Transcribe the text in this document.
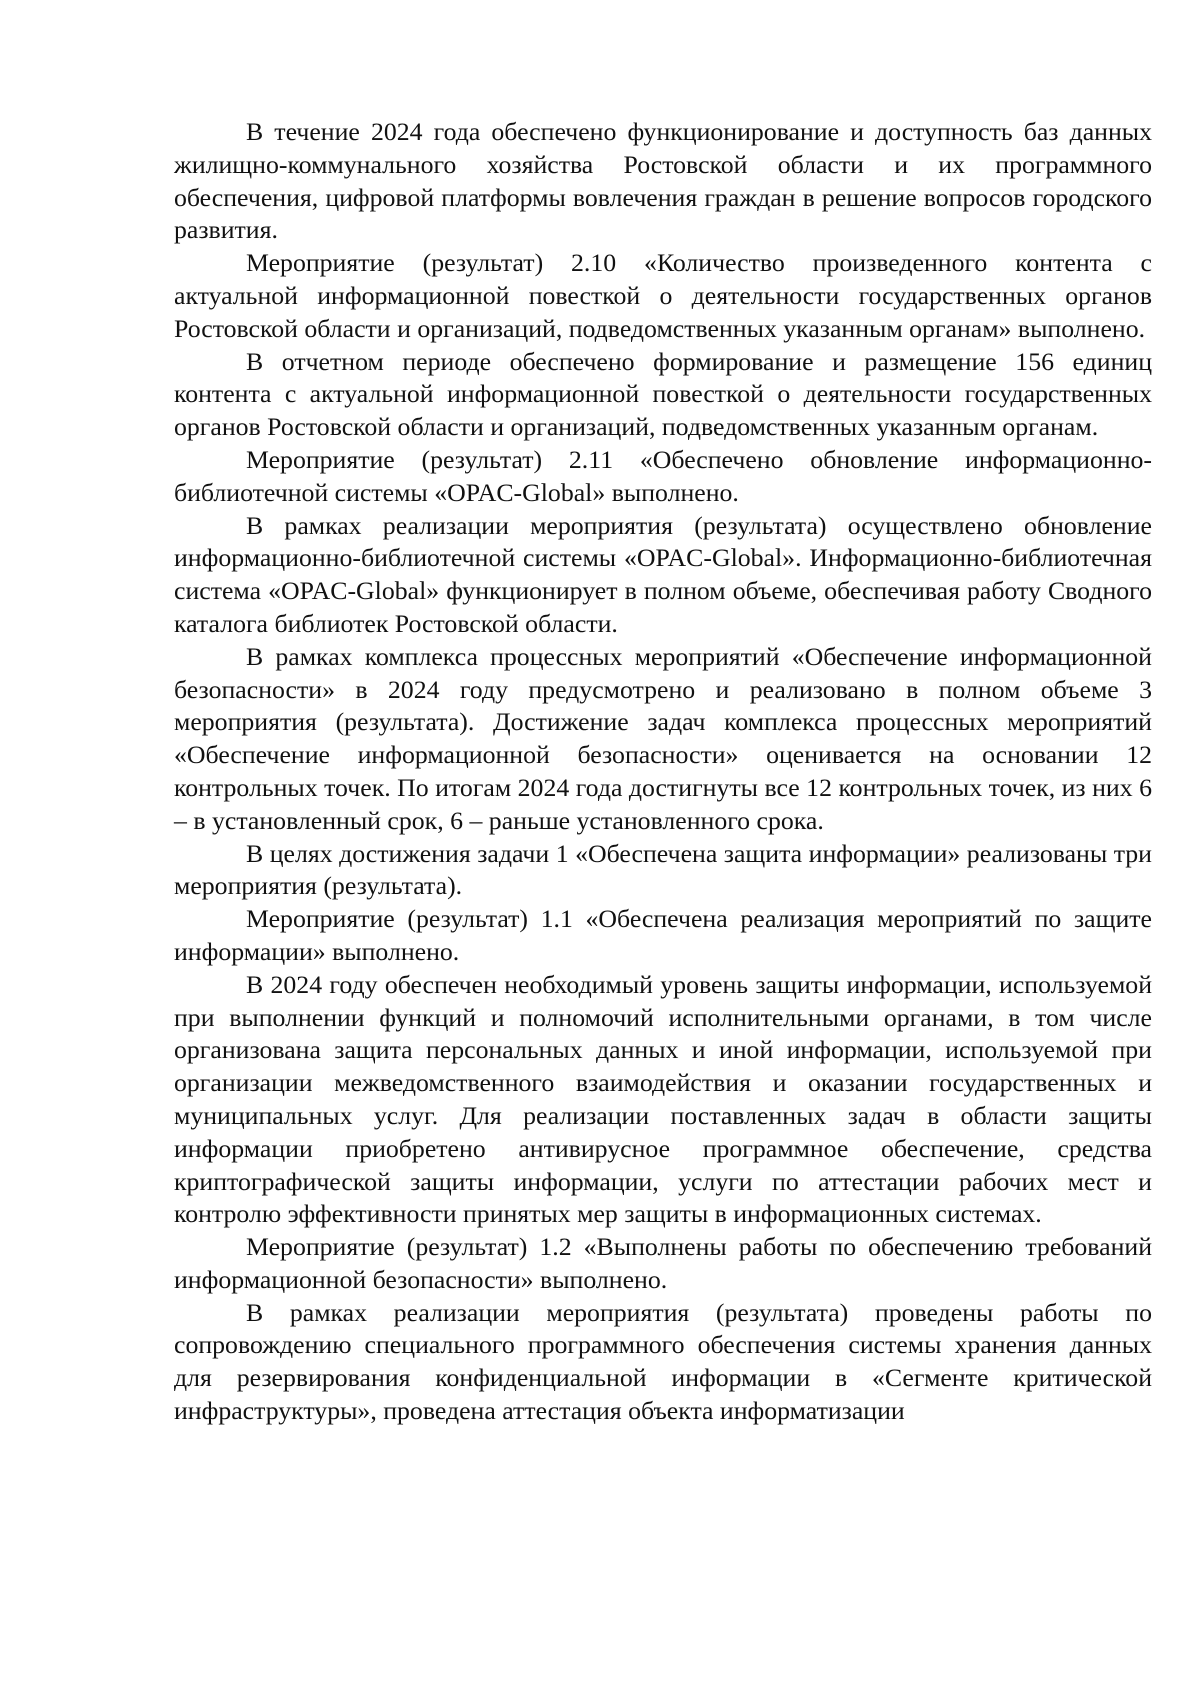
В течение 2024 года обеспечено функционирование и доступность баз данных жилищно-коммунального хозяйства Ростовской области и их программного обеспечения, цифровой платформы вовлечения граждан в решение вопросов городского развития.

Мероприятие (результат) 2.10 «Количество произведенного контента с актуальной информационной повесткой о деятельности государственных органов Ростовской области и организаций, подведомственных указанным органам» выполнено.

В отчетном периоде обеспечено формирование и размещение 156 единиц контента с актуальной информационной повесткой о деятельности государственных органов Ростовской области и организаций, подведомственных указанным органам.

Мероприятие (результат) 2.11 «Обеспечено обновление информационно-библиотечной системы «OPAC-Global» выполнено.

В рамках реализации мероприятия (результата) осуществлено обновление информационно-библиотечной системы «OPAC-Global». Информационно-библиотечная система «OPAC-Global» функционирует в полном объеме, обеспечивая работу Сводного каталога библиотек Ростовской области.

В рамках комплекса процессных мероприятий «Обеспечение информационной безопасности» в 2024 году предусмотрено и реализовано в полном объеме 3 мероприятия (результата). Достижение задач комплекса процессных мероприятий «Обеспечение информационной безопасности» оценивается на основании 12 контрольных точек. По итогам 2024 года достигнуты все 12 контрольных точек, из них 6 – в установленный срок, 6 – раньше установленного срока.

В целях достижения задачи 1 «Обеспечена защита информации» реализованы три мероприятия (результата).

Мероприятие (результат) 1.1 «Обеспечена реализация мероприятий по защите информации» выполнено.

В 2024 году обеспечен необходимый уровень защиты информации, используемой при выполнении функций и полномочий исполнительными органами, в том числе организована защита персональных данных и иной информации, используемой при организации межведомственного взаимодействия и оказании государственных и муниципальных услуг. Для реализации поставленных задач в области защиты информации приобретено антивирусное программное обеспечение, средства криптографической защиты информации, услуги по аттестации рабочих мест и контролю эффективности принятых мер защиты в информационных системах.

Мероприятие (результат) 1.2 «Выполнены работы по обеспечению требований информационной безопасности» выполнено.

В рамках реализации мероприятия (результата) проведены работы по сопровождению специального программного обеспечения системы хранения данных для резервирования конфиденциальной информации в «Сегменте критической инфраструктуры», проведена аттестация объекта информатизации
